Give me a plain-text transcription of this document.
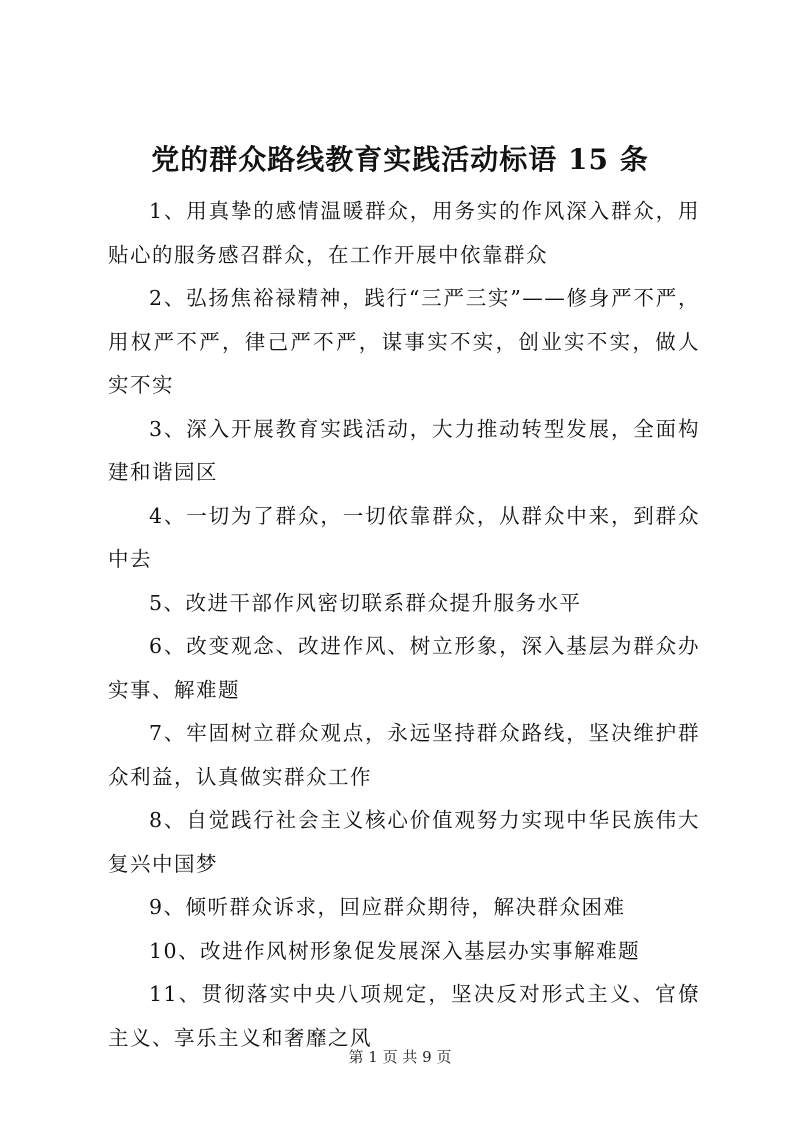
党的群众路线教育实践活动标语 15 条

1、用真挚的感情温暖群众，用务实的作风深入群众，用贴心的服务感召群众，在工作开展中依靠群众

2、弘扬焦裕禄精神，践行“三严三实”——修身严不严，用权严不严，律己严不严，谋事实不实，创业实不实，做人实不实

3、深入开展教育实践活动，大力推动转型发展，全面构建和谐园区

4、一切为了群众，一切依靠群众，从群众中来，到群众中去

5、改进干部作风密切联系群众提升服务水平

6、改变观念、改进作风、树立形象，深入基层为群众办实事、解难题

7、牢固树立群众观点，永远坚持群众路线，坚决维护群众利益，认真做实群众工作

8、自觉践行社会主义核心价值观努力实现中华民族伟大复兴中国梦

9、倾听群众诉求，回应群众期待，解决群众困难

10、改进作风树形象促发展深入基层办实事解难题

11、贯彻落实中央八项规定，坚决反对形式主义、官僚主义、享乐主义和奢靡之风

第 1 页 共 9 页
